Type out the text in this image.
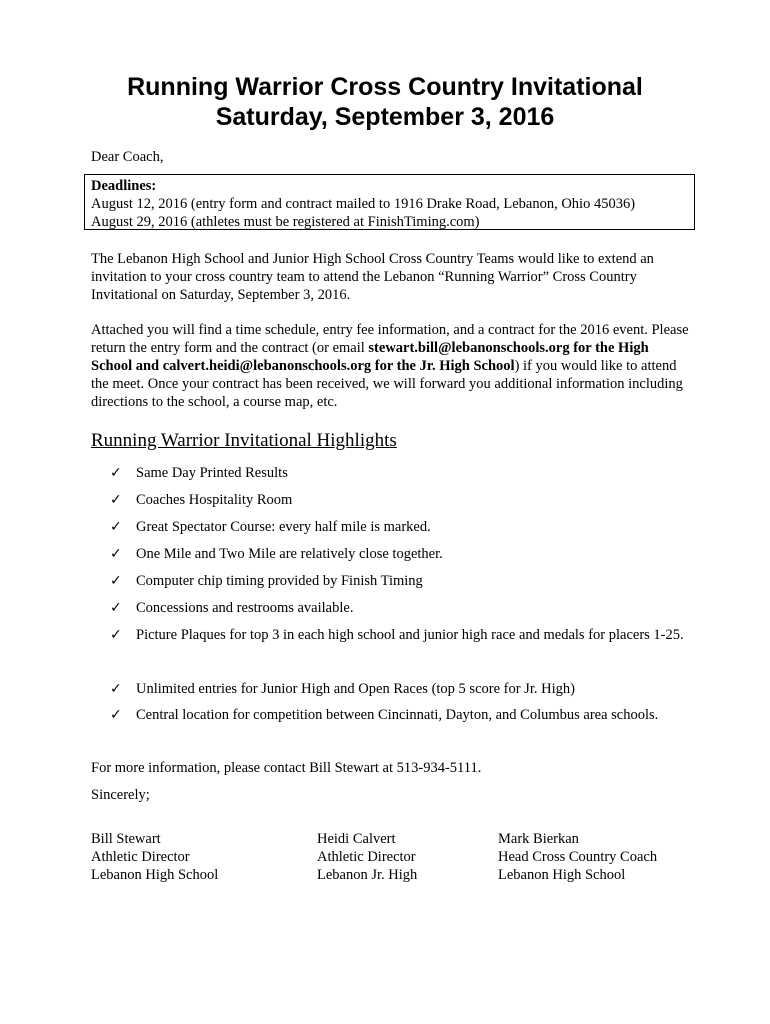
Running Warrior Cross Country Invitational
Saturday, September 3, 2016
Dear Coach,
Deadlines:
August 12, 2016 (entry form and contract mailed to 1916 Drake Road, Lebanon, Ohio 45036)
August 29, 2016 (athletes must be registered at FinishTiming.com)
The Lebanon High School and Junior High School Cross Country Teams would like to extend an invitation to your cross country team to attend the Lebanon “Running Warrior” Cross Country Invitational on Saturday, September 3, 2016.
Attached you will find a time schedule, entry fee information, and a contract for the 2016 event. Please return the entry form and the contract (or email stewart.bill@lebanonschools.org for the High School and calvert.heidi@lebanonschools.org for the Jr. High School) if you would like to attend the meet. Once your contract has been received, we will forward you additional information including directions to the school, a course map, etc.
Running Warrior Invitational Highlights
✓ Same Day Printed Results
✓ Coaches Hospitality Room
✓ Great Spectator Course: every half mile is marked.
✓ One Mile and Two Mile are relatively close together.
✓ Computer chip timing provided by Finish Timing
✓ Concessions and restrooms available.
✓ Picture Plaques for top 3 in each high school and junior high race and medals for placers 1-25.
✓ Unlimited entries for Junior High and Open Races (top 5 score for Jr. High)
✓ Central location for competition between Cincinnati, Dayton, and Columbus area schools.
For more information, please contact Bill Stewart at 513-934-5111.
Sincerely;
Bill Stewart
Athletic Director
Lebanon High School
Heidi Calvert
Athletic Director
Lebanon Jr. High
Mark Bierkan
Head Cross Country Coach
Lebanon High School
